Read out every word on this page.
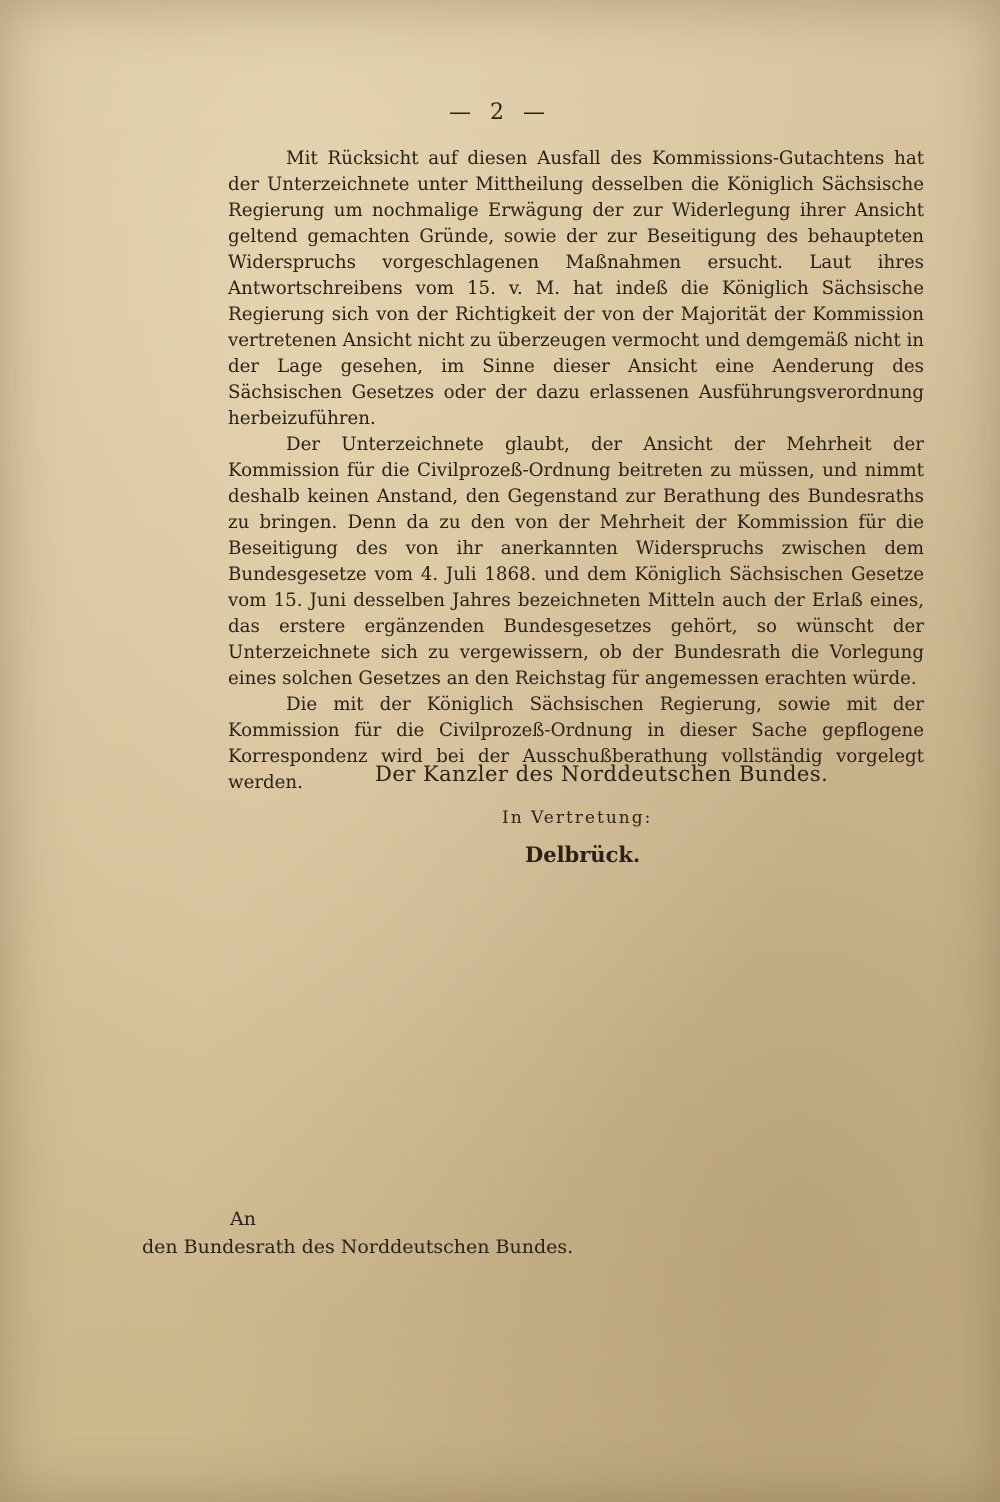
— 2 —

Mit Rücksicht auf diesen Ausfall des Kommissions-Gutachtens hat der Unterzeichnete unter Mittheilung desselben die Königlich Sächsische Regierung um nochmalige Erwägung der zur Widerlegung ihrer Ansicht geltend gemachten Gründe, sowie der zur Beseitigung des behaupteten Widerspruchs vorgeschlagenen Maßnahmen ersucht. Laut ihres Antwortschreibens vom 15. v. M. hat indeß die Königlich Sächsische Regierung sich von der Richtigkeit der von der Majorität der Kommission vertretenen Ansicht nicht zu überzeugen vermocht und demgemäß nicht in der Lage gesehen, im Sinne dieser Ansicht eine Aenderung des Sächsischen Gesetzes oder der dazu erlassenen Ausführungsverordnung herbeizuführen.

Der Unterzeichnete glaubt, der Ansicht der Mehrheit der Kommission für die Civilprozeß-Ordnung beitreten zu müssen, und nimmt deshalb keinen Anstand, den Gegenstand zur Berathung des Bundesraths zu bringen. Denn da zu den von der Mehrheit der Kommission für die Beseitigung des von ihr anerkannten Widerspruchs zwischen dem Bundesgesetze vom 4. Juli 1868. und dem Königlich Sächsischen Gesetze vom 15. Juni desselben Jahres bezeichneten Mitteln auch der Erlaß eines, das erstere ergänzenden Bundesgesetzes gehört, so wünscht der Unterzeichnete sich zu vergewissern, ob der Bundesrath die Vorlegung eines solchen Gesetzes an den Reichstag für angemessen erachten würde.

Die mit der Königlich Sächsischen Regierung, sowie mit der Kommission für die Civilprozeß-Ordnung in dieser Sache gepflogene Korrespondenz wird bei der Ausschußberathung vollständig vorgelegt werden.	Der Kanzler des Norddeutschen Bundes.
In Vertretung:
Delbrück.
An
den Bundesrath des Norddeutschen Bundes.
